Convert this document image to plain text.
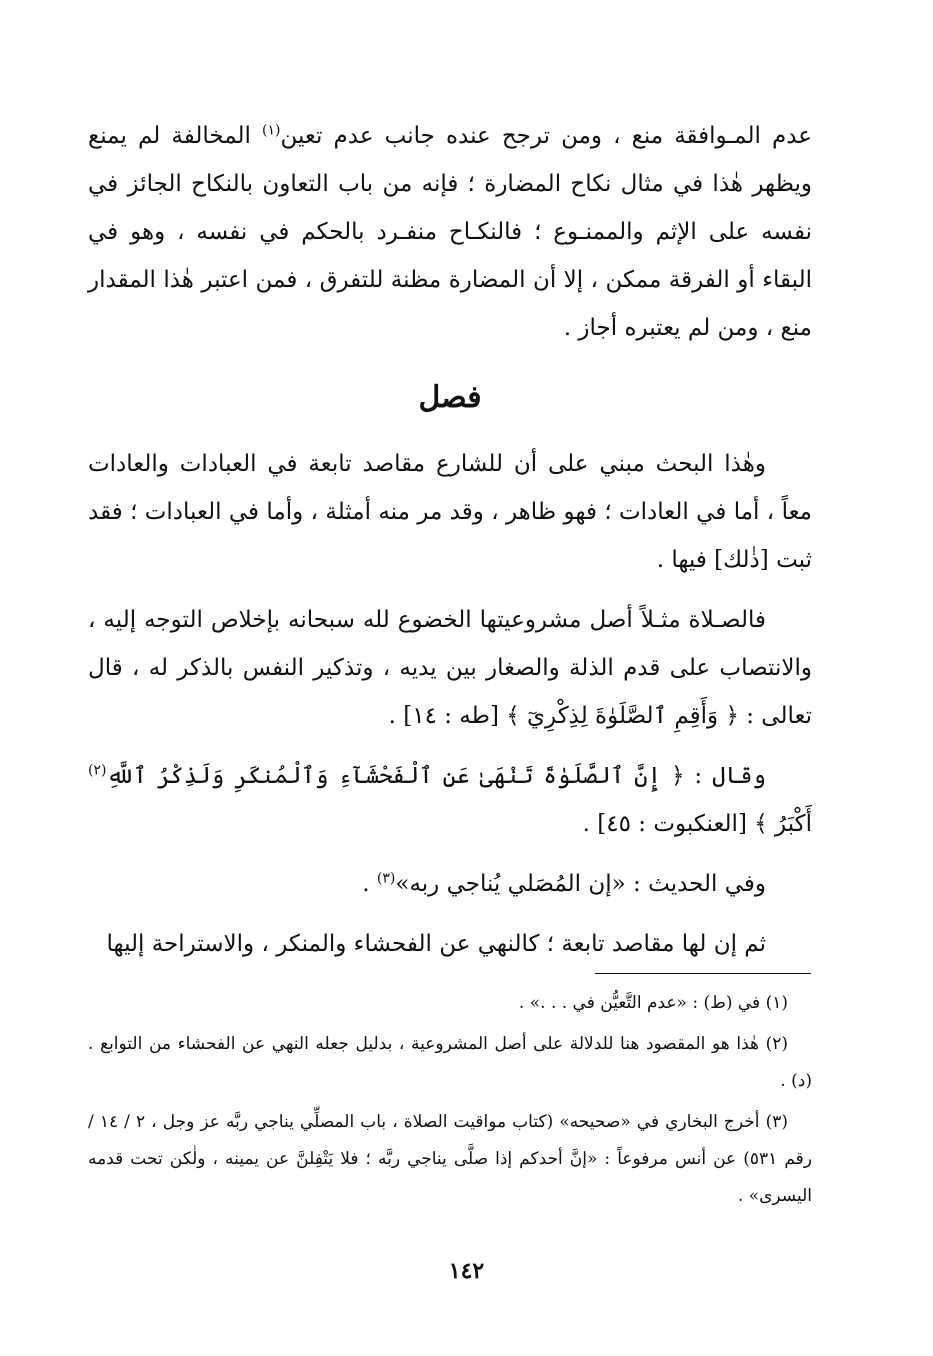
عدم المـوافقة منع ، ومن ترجح عنده جانب عدم تعين$^{(١)}$ المخالفة لم يمنع ويظهر هٰذا في مثال نكاح المضارة ؛ فإنه من باب التعاون بالنكاح الجائز في نفسه على الإثم والممنـوع ؛ فالنكـاح منفـرد بالحكم في نفسه ، وهو في البقاء أو الفرقة ممكن ، إلا أن المضارة مظنة للتفرق ، فمن اعتبر هٰذا المقدار منع ، ومن لم يعتبره أجاز .

فصل

وهٰذا البحث مبني على أن للشارع مقاصد تابعة في العبادات والعادات معاً ، أما في العادات ؛ فهو ظاهر ، وقد مر منه أمثلة ، وأما في العبادات ؛ فقد ثبت [ذٰلك] فيها .

فالصـلاة مثـلاً أصل مشروعيتها الخضوع لله سبحانه بإخلاص التوجه إليه ، والانتصاب على قدم الذلة والصغار بين يديه ، وتذكير النفس بالذكر له ، قال تعالى : ﴿ وَأَقِمِ ٱلصَّلَوٰةَ لِذِكْرِيٓ ﴾ [طه : ١٤] .

وقال : ﴿ إِنَّ ٱلصَّلَوٰةَ تَنْهَىٰ عَنِ ٱلْفَحْشَآءِ وَٱلْمُنكَرِ وَلَذِكْرُ ٱللَّهِ$^{(٢)}$ أَكْبَرُ ﴾ [العنكبوت : ٤٥] .

وفي الحديث : «إن المُصَلي يُناجي ربه»$^{(٣)}$ .

ثم إن لها مقاصد تابعة ؛ كالنهي عن الفحشاء والمنكر ، والاستراحة إليها

(١) في (ط) : «عدم التَّعيُّن في . . .» .

(٢) هٰذا هو المقصود هنا للدلالة على أصل المشروعية ، بدليل جعله النهي عن الفحشاء من التوابع . (د) .

(٣) أخرج البخاري في «صحيحه» (كتاب مواقيت الصلاة ، باب المصلِّي يناجي ربَّه عز وجل ، ٢ / ١٤ / رقم ٥٣١) عن أنس مرفوعاً : «إنَّ أحدكم إذا صلَّى يناجي ربَّه ؛ فلا يَتْفِلنَّ عن يمينه ، ولٰكن تحت قدمه اليسرى» .

١٤٢
